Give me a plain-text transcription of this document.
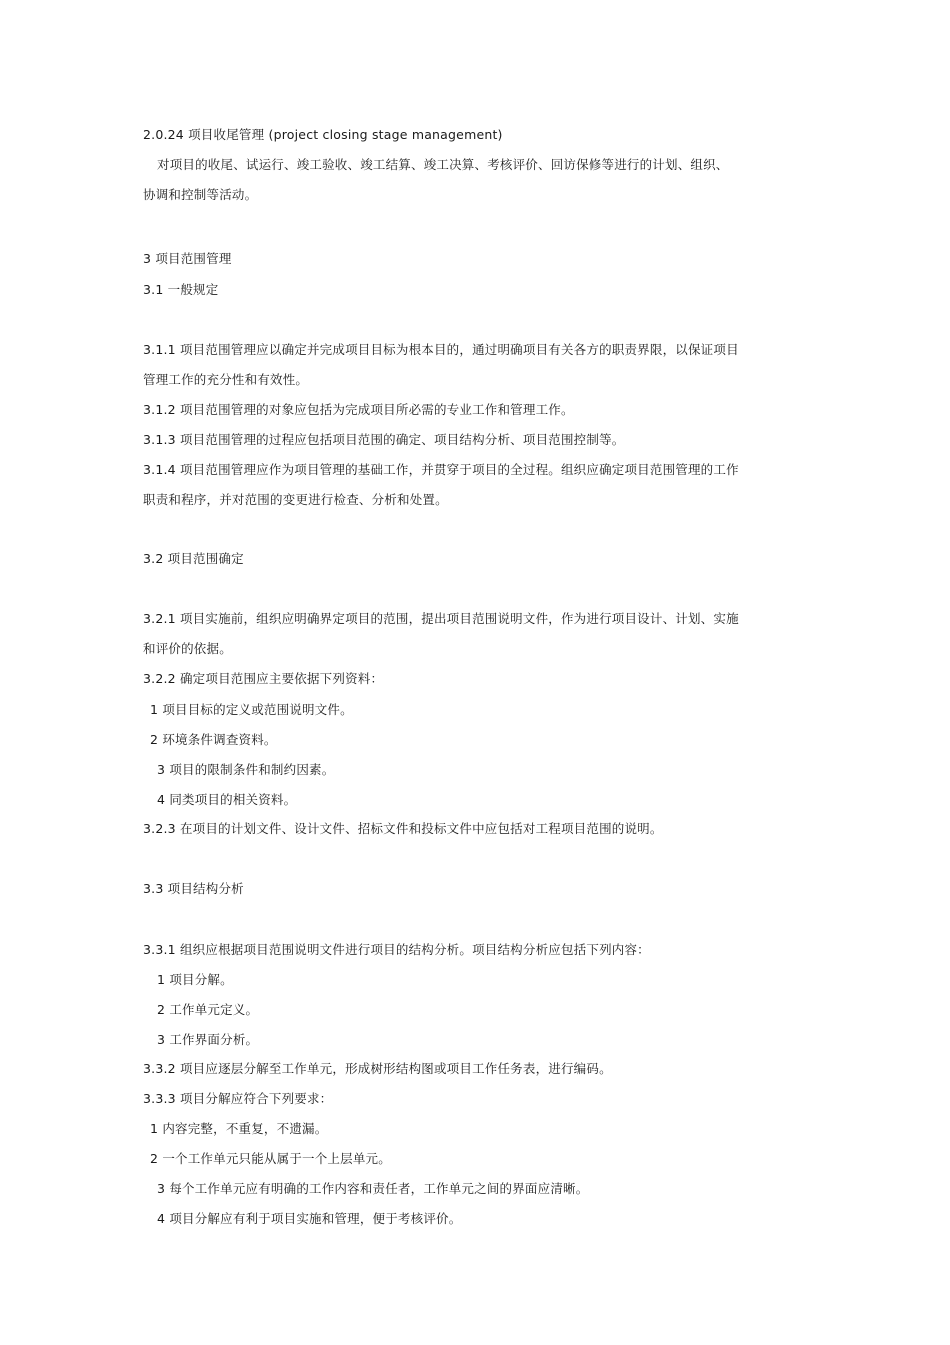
2.0.24 项目收尾管理 (project closing stage management)
对项目的收尾、试运行、竣工验收、竣工结算、竣工决算、考核评价、回访保修等进行的计划、组织、
协调和控制等活动。
3 项目范围管理
3.1 一般规定
3.1.1 项目范围管理应以确定并完成项目目标为根本目的，通过明确项目有关各方的职责界限，以保证项目
管理工作的充分性和有效性。
3.1.2 项目范围管理的对象应包括为完成项目所必需的专业工作和管理工作。
3.1.3 项目范围管理的过程应包括项目范围的确定、项目结构分析、项目范围控制等。
3.1.4 项目范围管理应作为项目管理的基础工作，并贯穿于项目的全过程。组织应确定项目范围管理的工作
职责和程序，并对范围的变更进行检查、分析和处置。
3.2 项目范围确定
3.2.1 项目实施前，组织应明确界定项目的范围，提出项目范围说明文件，作为进行项目设计、计划、实施
和评价的依据。
3.2.2 确定项目范围应主要依据下列资料：
1 项目目标的定义或范围说明文件。
2 环境条件调查资料。
3 项目的限制条件和制约因素。
4 同类项目的相关资料。
3.2.3 在项目的计划文件、设计文件、招标文件和投标文件中应包括对工程项目范围的说明。
3.3 项目结构分析
3.3.1 组织应根据项目范围说明文件进行项目的结构分析。项目结构分析应包括下列内容：
1 项目分解。
2 工作单元定义。
3 工作界面分析。
3.3.2 项目应逐层分解至工作单元，形成树形结构图或项目工作任务表，进行编码。
3.3.3 项目分解应符合下列要求：
1 内容完整，不重复，不遗漏。
2 一个工作单元只能从属于一个上层单元。
3 每个工作单元应有明确的工作内容和责任者，工作单元之间的界面应清晰。
4 项目分解应有利于项目实施和管理，便于考核评价。
